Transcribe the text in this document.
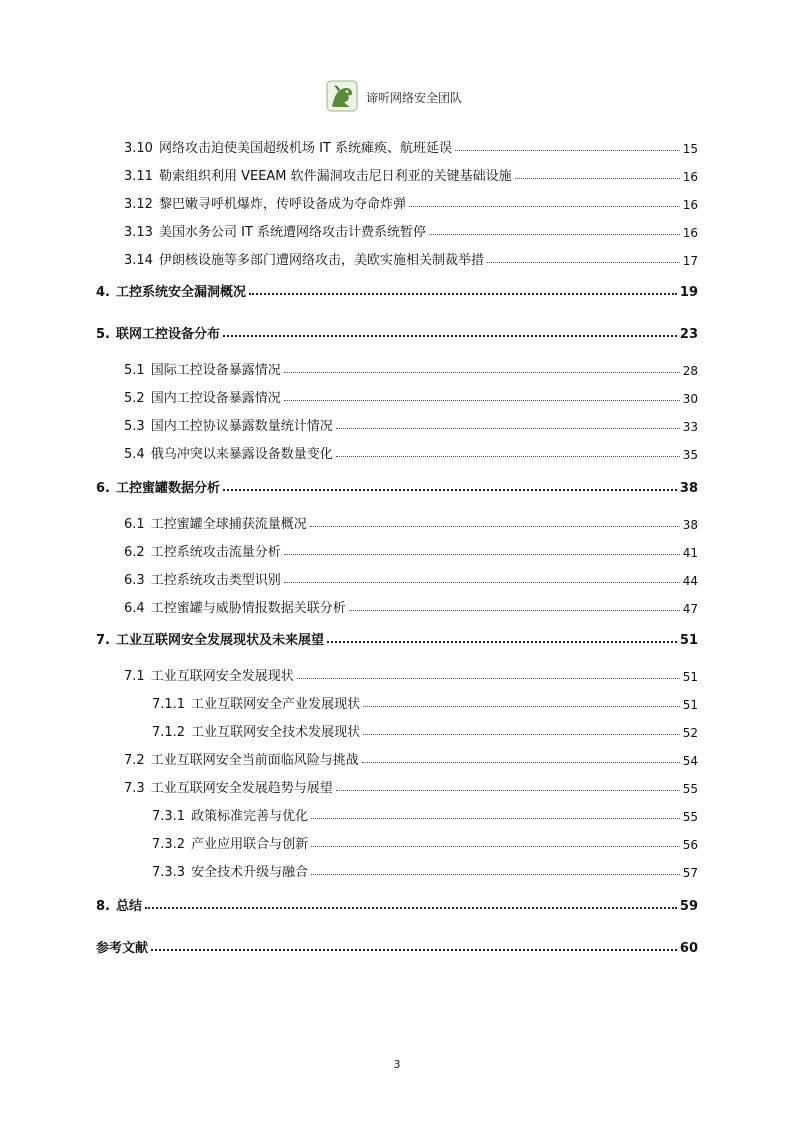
谛听网络安全团队
3.10 网络攻击迫使美国超级机场 IT 系统瘫痪、航班延误	15
3.11 勒索组织利用 VEEAM 软件漏洞攻击尼日利亚的关键基础设施	16
3.12 黎巴嫩寻呼机爆炸，传呼设备成为夺命炸弹	16
3.13 美国水务公司 IT 系统遭网络攻击计费系统暂停	16
3.14 伊朗核设施等多部门遭网络攻击，美欧实施相关制裁举措	17
4. 工控系统安全漏洞概况	19
5. 联网工控设备分布	23
5.1 国际工控设备暴露情况	28
5.2 国内工控设备暴露情况	30
5.3 国内工控协议暴露数量统计情况	33
5.4 俄乌冲突以来暴露设备数量变化	35
6. 工控蜜罐数据分析	38
6.1 工控蜜罐全球捕获流量概况	38
6.2 工控系统攻击流量分析	41
6.3 工控系统攻击类型识别	44
6.4 工控蜜罐与威胁情报数据关联分析	47
7. 工业互联网安全发展现状及未来展望	51
7.1 工业互联网安全发展现状	51
7.1.1 工业互联网安全产业发展现状	51
7.1.2 工业互联网安全技术发展现状	52
7.2 工业互联网安全当前面临风险与挑战	54
7.3 工业互联网安全发展趋势与展望	55
7.3.1 政策标准完善与优化	55
7.3.2 产业应用联合与创新	56
7.3.3 安全技术升级与融合	57
8. 总结	59
参考文献	60
3
